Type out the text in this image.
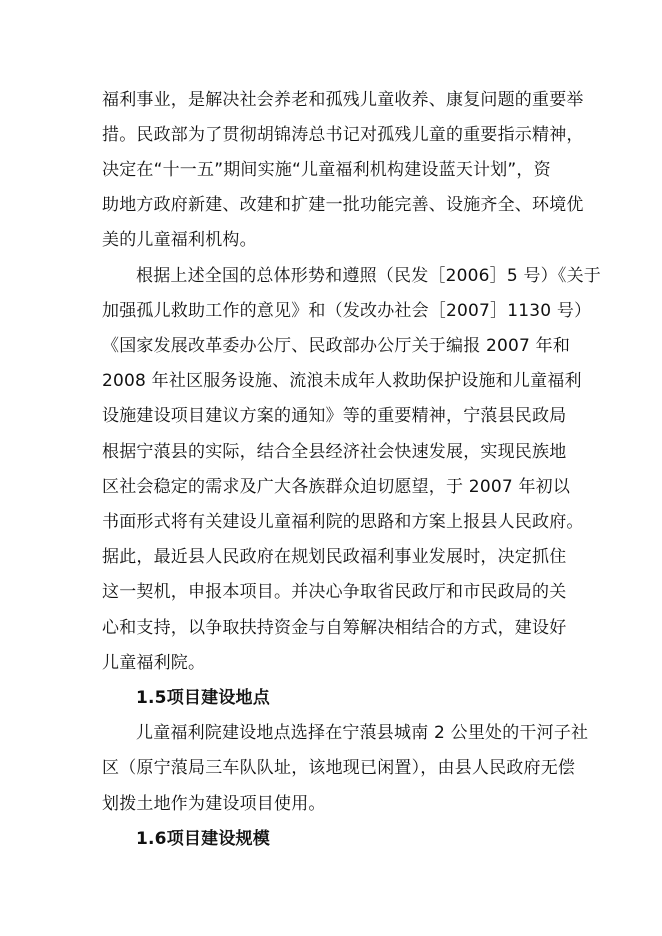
福利事业，是解决社会养老和孤残儿童收养、康复问题的重要举
措。民政部为了贯彻胡锦涛总书记对孤残儿童的重要指示精神，
决定在“十一五”期间实施“儿童福利机构建设蓝天计划”，资
助地方政府新建、改建和扩建一批功能完善、设施齐全、环境优
美的儿童福利机构。
根据上述全国的总体形势和遵照（民发［2006］5 号）《关于
加强孤儿救助工作的意见》和（发改办社会［2007］1130 号）
《国家发展改革委办公厅、民政部办公厅关于编报 2007 年和
2008 年社区服务设施、流浪未成年人救助保护设施和儿童福利
设施建设项目建议方案的通知》等的重要精神，宁蒗县民政局
根据宁蒗县的实际，结合全县经济社会快速发展，实现民族地
区社会稳定的需求及广大各族群众迫切愿望，于 2007 年初以
书面形式将有关建设儿童福利院的思路和方案上报县人民政府。
据此，最近县人民政府在规划民政福利事业发展时，决定抓住
这一契机，申报本项目。并决心争取省民政厅和市民政局的关
心和支持，以争取扶持资金与自筹解决相结合的方式，建设好
儿童福利院。
1.5项目建设地点
儿童福利院建设地点选择在宁蒗县城南 2 公里处的干河子社
区（原宁蒗局三车队队址，该地现已闲置），由县人民政府无偿
划拨土地作为建设项目使用。
1.6项目建设规模
